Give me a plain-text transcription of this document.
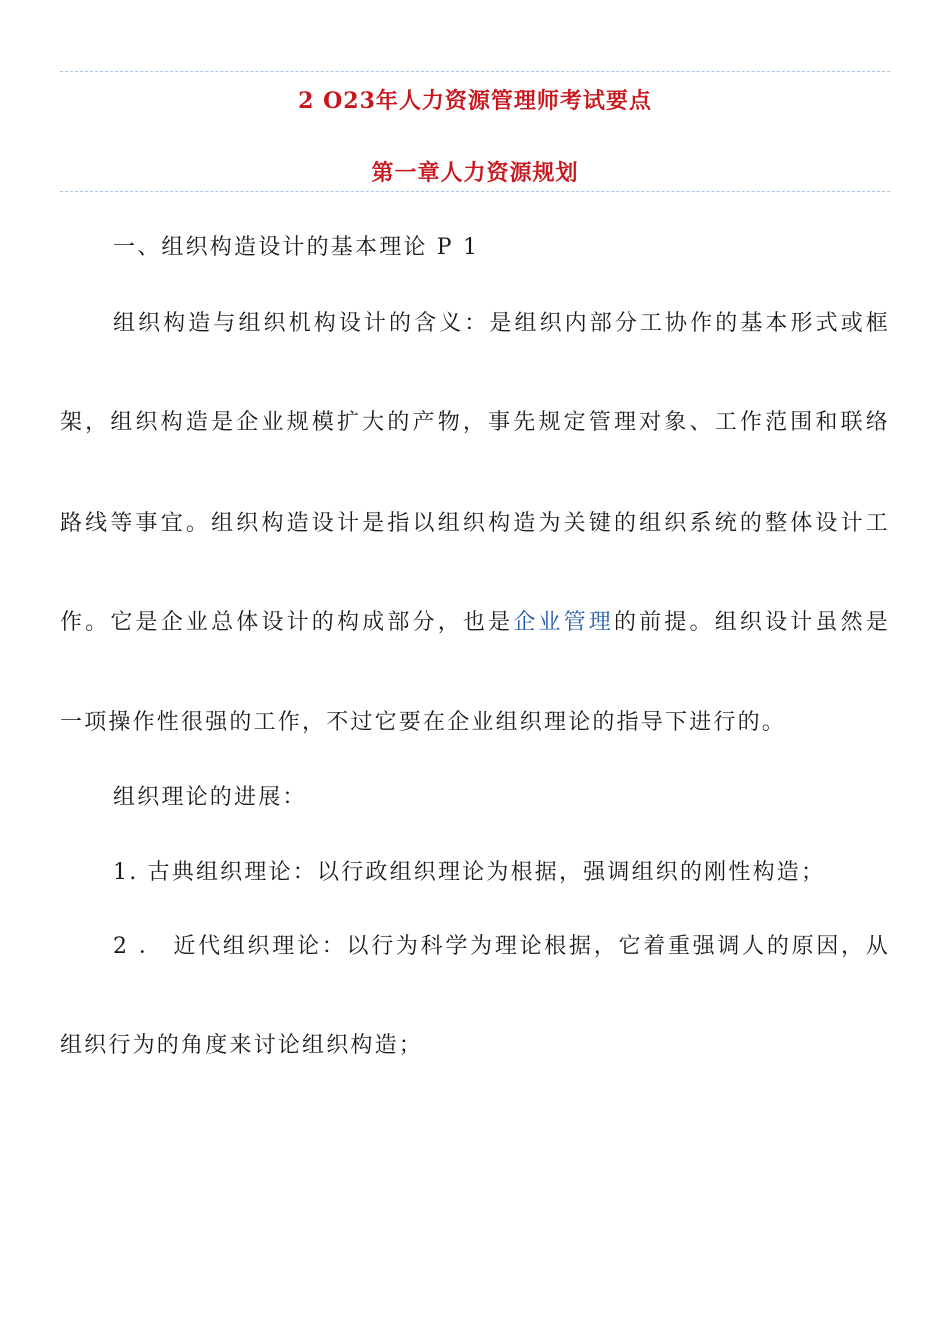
2 O23年人力资源管理师考试要点
第一章人力资源规划
一、组织构造设计的基本理论 P 1
组织构造与组织机构设计的含义：是组织内部分工协作的基本形式或框
架，组织构造是企业规模扩大的产物，事先规定管理对象、工作范围和联络
路线等事宜。组织构造设计是指以组织构造为关键的组织系统的整体设计工
作。它是企业总体设计的构成部分，也是企业管理的前提。组织设计虽然是
一项操作性很强的工作，不过它要在企业组织理论的指导下进行的。
组织理论的进展：
1. 古典组织理论：以行政组织理论为根据，强调组织的刚性构造；
2 ． 近代组织理论：以行为科学为理论根据，它着重强调人的原因，从
组织行为的角度来讨论组织构造；
